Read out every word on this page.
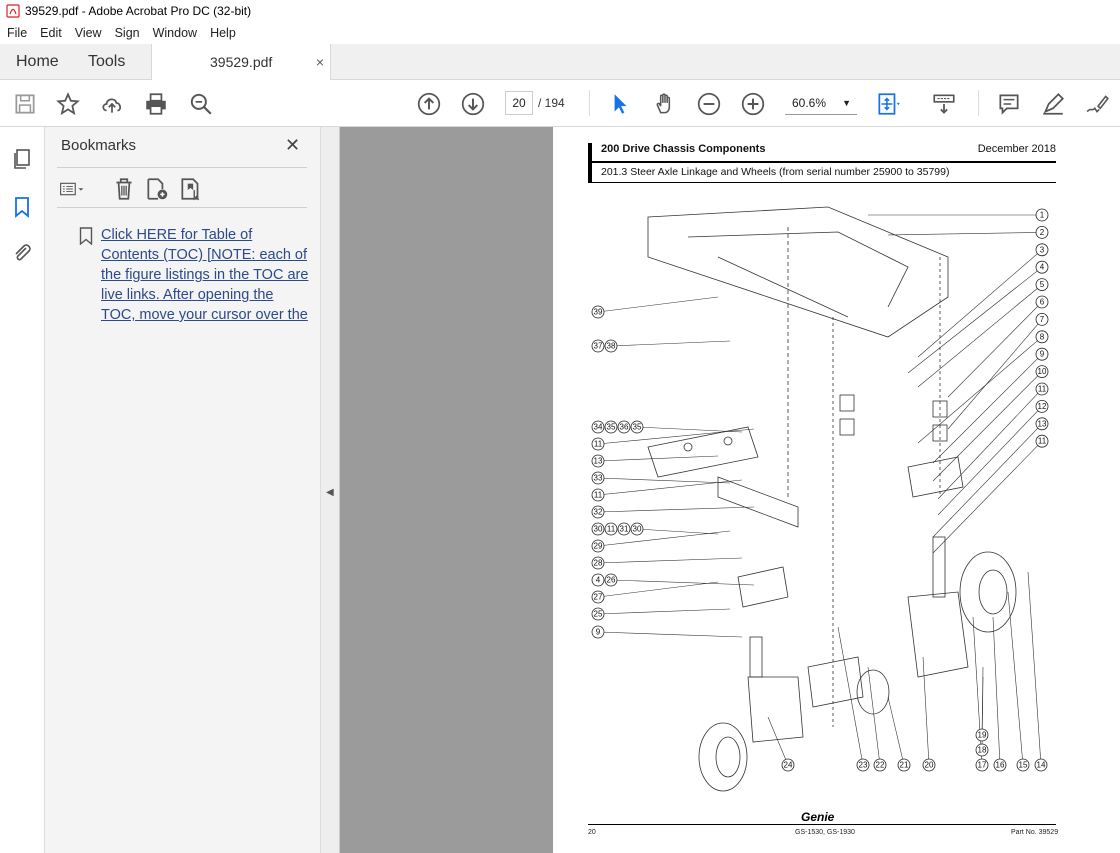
39529.pdf - Adobe Acrobat Pro DC (32-bit)
File	Edit	View	Sign	Window	Help
Home Tools	39529.pdf	×
20	/ 194	60.6% ▼
Bookmarks	✕
Click HERE for Table of
Contents (TOC) [NOTE: each of
the figure listings in the TOC are
live links. After opening the
TOC, move your cursor over the
◀
200 Drive Chassis Components	December 2018
201.3 Steer Axle Linkage and Wheels (from serial number 25900 to 35799)
1
2
3
4
5
6
7
8
9
10
11
12
13
11
39
37 38
34 35 36 35
11
13
33
11
32
30 11 31 30
29
28
4 26
27
25
9
24	23 22 21 20	17 16 15 14
18
19
Genie
20	GS-1530, GS-1930	Part No. 39529
